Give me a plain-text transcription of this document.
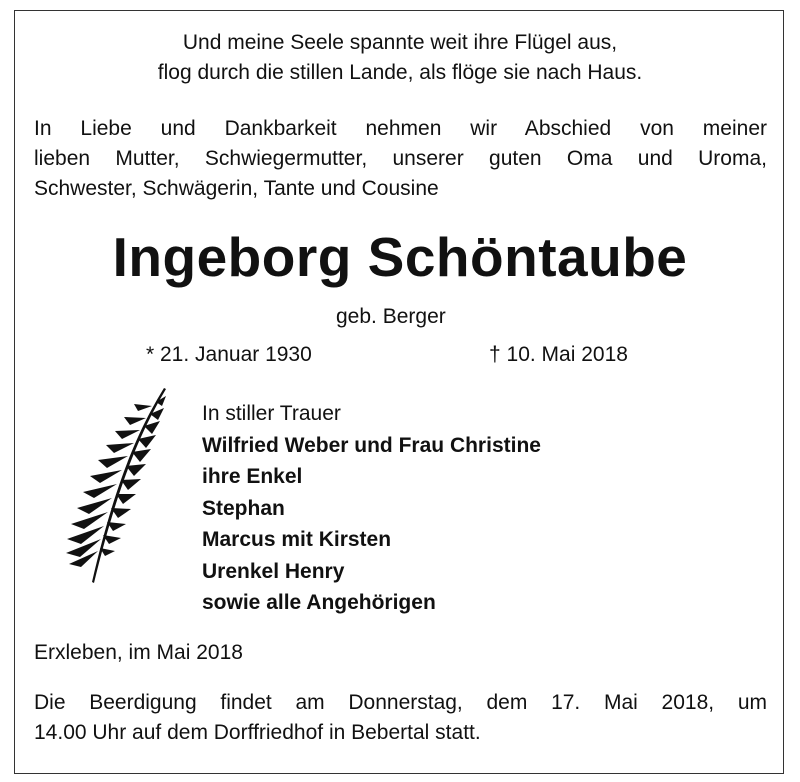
Und meine Seele spannte weit ihre Flügel aus,
flog durch die stillen Lande, als flöge sie nach Haus.
In Liebe und Dankbarkeit nehmen wir Abschied von meiner
lieben Mutter, Schwiegermutter, unserer guten Oma und Uroma,
Schwester, Schwägerin, Tante und Cousine
Ingeborg Schöntaube
geb. Berger
* 21. Januar 1930	† 10. Mai 2018
In stiller Trauer
Wilfried Weber und Frau Christine
ihre Enkel
Stephan
Marcus mit Kirsten
Urenkel Henry
sowie alle Angehörigen
Erxleben, im Mai 2018
Die Beerdigung findet am Donnerstag, dem 17. Mai 2018, um
14.00 Uhr auf dem Dorffriedhof in Bebertal statt.
